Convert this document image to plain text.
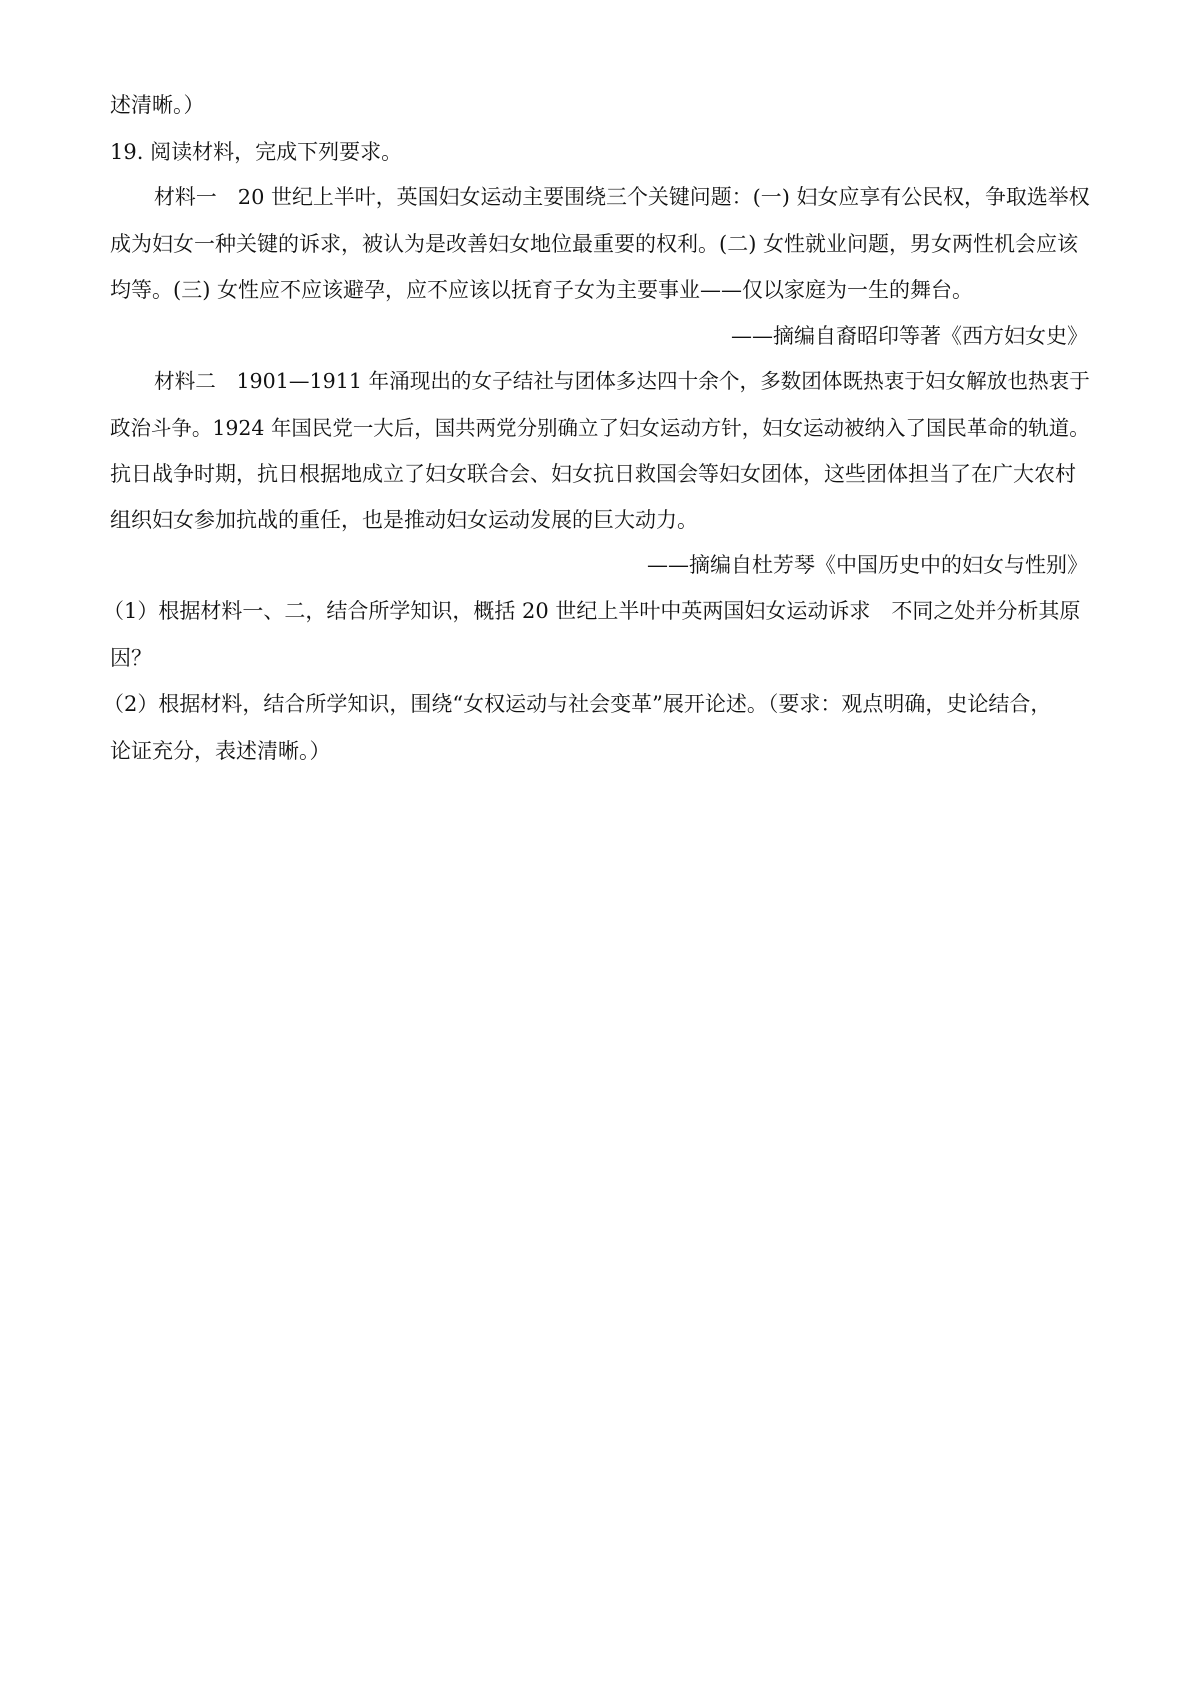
述清晰。）
19. 阅读材料，完成下列要求。
材料一　20 世纪上半叶，英国妇女运动主要围绕三个关键问题：(一) 妇女应享有公民权，争取选举权
成为妇女一种关键的诉求，被认为是改善妇女地位最重要的权利。(二) 女性就业问题，男女两性机会应该
均等。(三) 女性应不应该避孕，应不应该以抚育子女为主要事业——仅以家庭为一生的舞台。
——摘编自裔昭印等著《西方妇女史》
材料二　1901—1911 年涌现出的女子结社与团体多达四十余个，多数团体既热衷于妇女解放也热衷于
政治斗争。1924 年国民党一大后，国共两党分别确立了妇女运动方针，妇女运动被纳入了国民革命的轨道。
抗日战争时期，抗日根据地成立了妇女联合会、妇女抗日救国会等妇女团体，这些团体担当了在广大农村
组织妇女参加抗战的重任，也是推动妇女运动发展的巨大动力。
——摘编自杜芳琴《中国历史中的妇女与性别》
（1）根据材料一、二，结合所学知识，概括 20 世纪上半叶中英两国妇女运动诉求　不同之处并分析其原
因？
（2）根据材料，结合所学知识，围绕“女权运动与社会变革”展开论述。（要求：观点明确，史论结合，
论证充分，表述清晰。）
